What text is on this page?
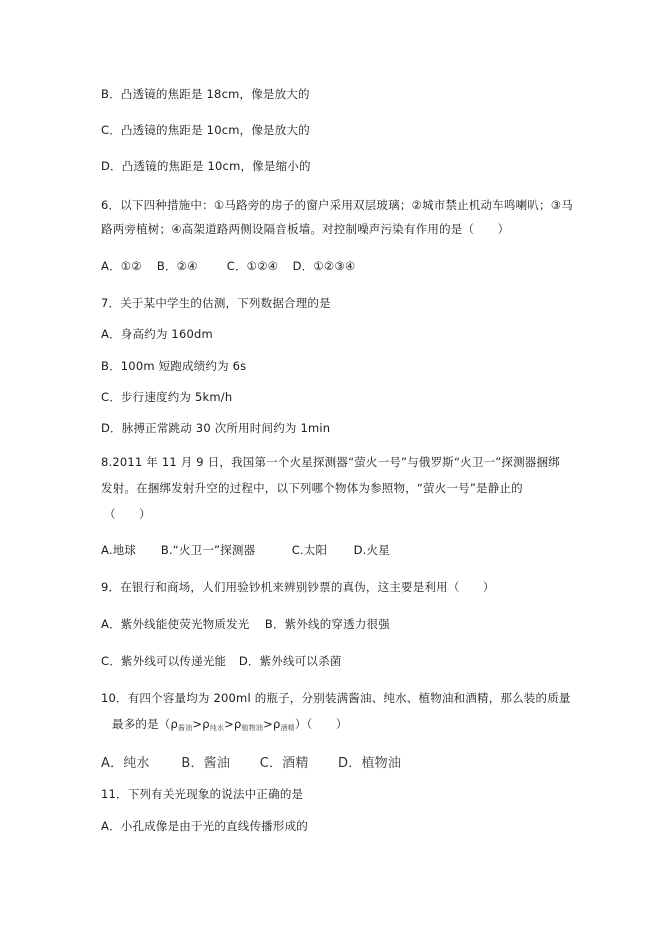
B．凸透镜的焦距是 18cm，像是放大的
C．凸透镜的焦距是 10cm，像是放大的
D．凸透镜的焦距是 10cm，像是缩小的
6．以下四种措施中：①马路旁的房子的窗户采用双层玻璃；②城市禁止机动车鸣喇叭；③马
路两旁植树；④高架道路两侧设隔音板墙。对控制噪声污染有作用的是（　　）
A．①② B．②④	C．①②④ D．①②③④
7．关于某中学生的估测，下列数据合理的是
A．身高约为 160dm
B．100m 短跑成绩约为 6s
C．步行速度约为 5km/h
D．脉搏正常跳动 30 次所用时间约为 1min
8.2011 年 11 月 9 日，我国第一个火星探测器“萤火一号”与俄罗斯“火卫一”探测器捆绑
发射。在捆绑发射升空的过程中，以下列哪个物体为参照物，“萤火一号”是静止的
（　　）
A.地球 B.“火卫一”探测器	C.太阳 D.火星
9．在银行和商场，人们用验钞机来辨别钞票的真伪，这主要是利用（　　）
A．紫外线能使荧光物质发光 B．紫外线的穿透力很强
C．紫外线可以传递光能 D．紫外线可以杀菌
10．有四个容量均为 200ml 的瓶子，分别装满酱油、纯水、植物油和酒精，那么装的质量
最多的是$(\rho_{酱油}>\rho_{纯水}>\rho_{植物油}>\rho_{酒精})$（　　）
A．纯水 B．酱油 C．酒精 D．植物油
11．下列有关光现象的说法中正确的是
A．小孔成像是由于光的直线传播形成的
